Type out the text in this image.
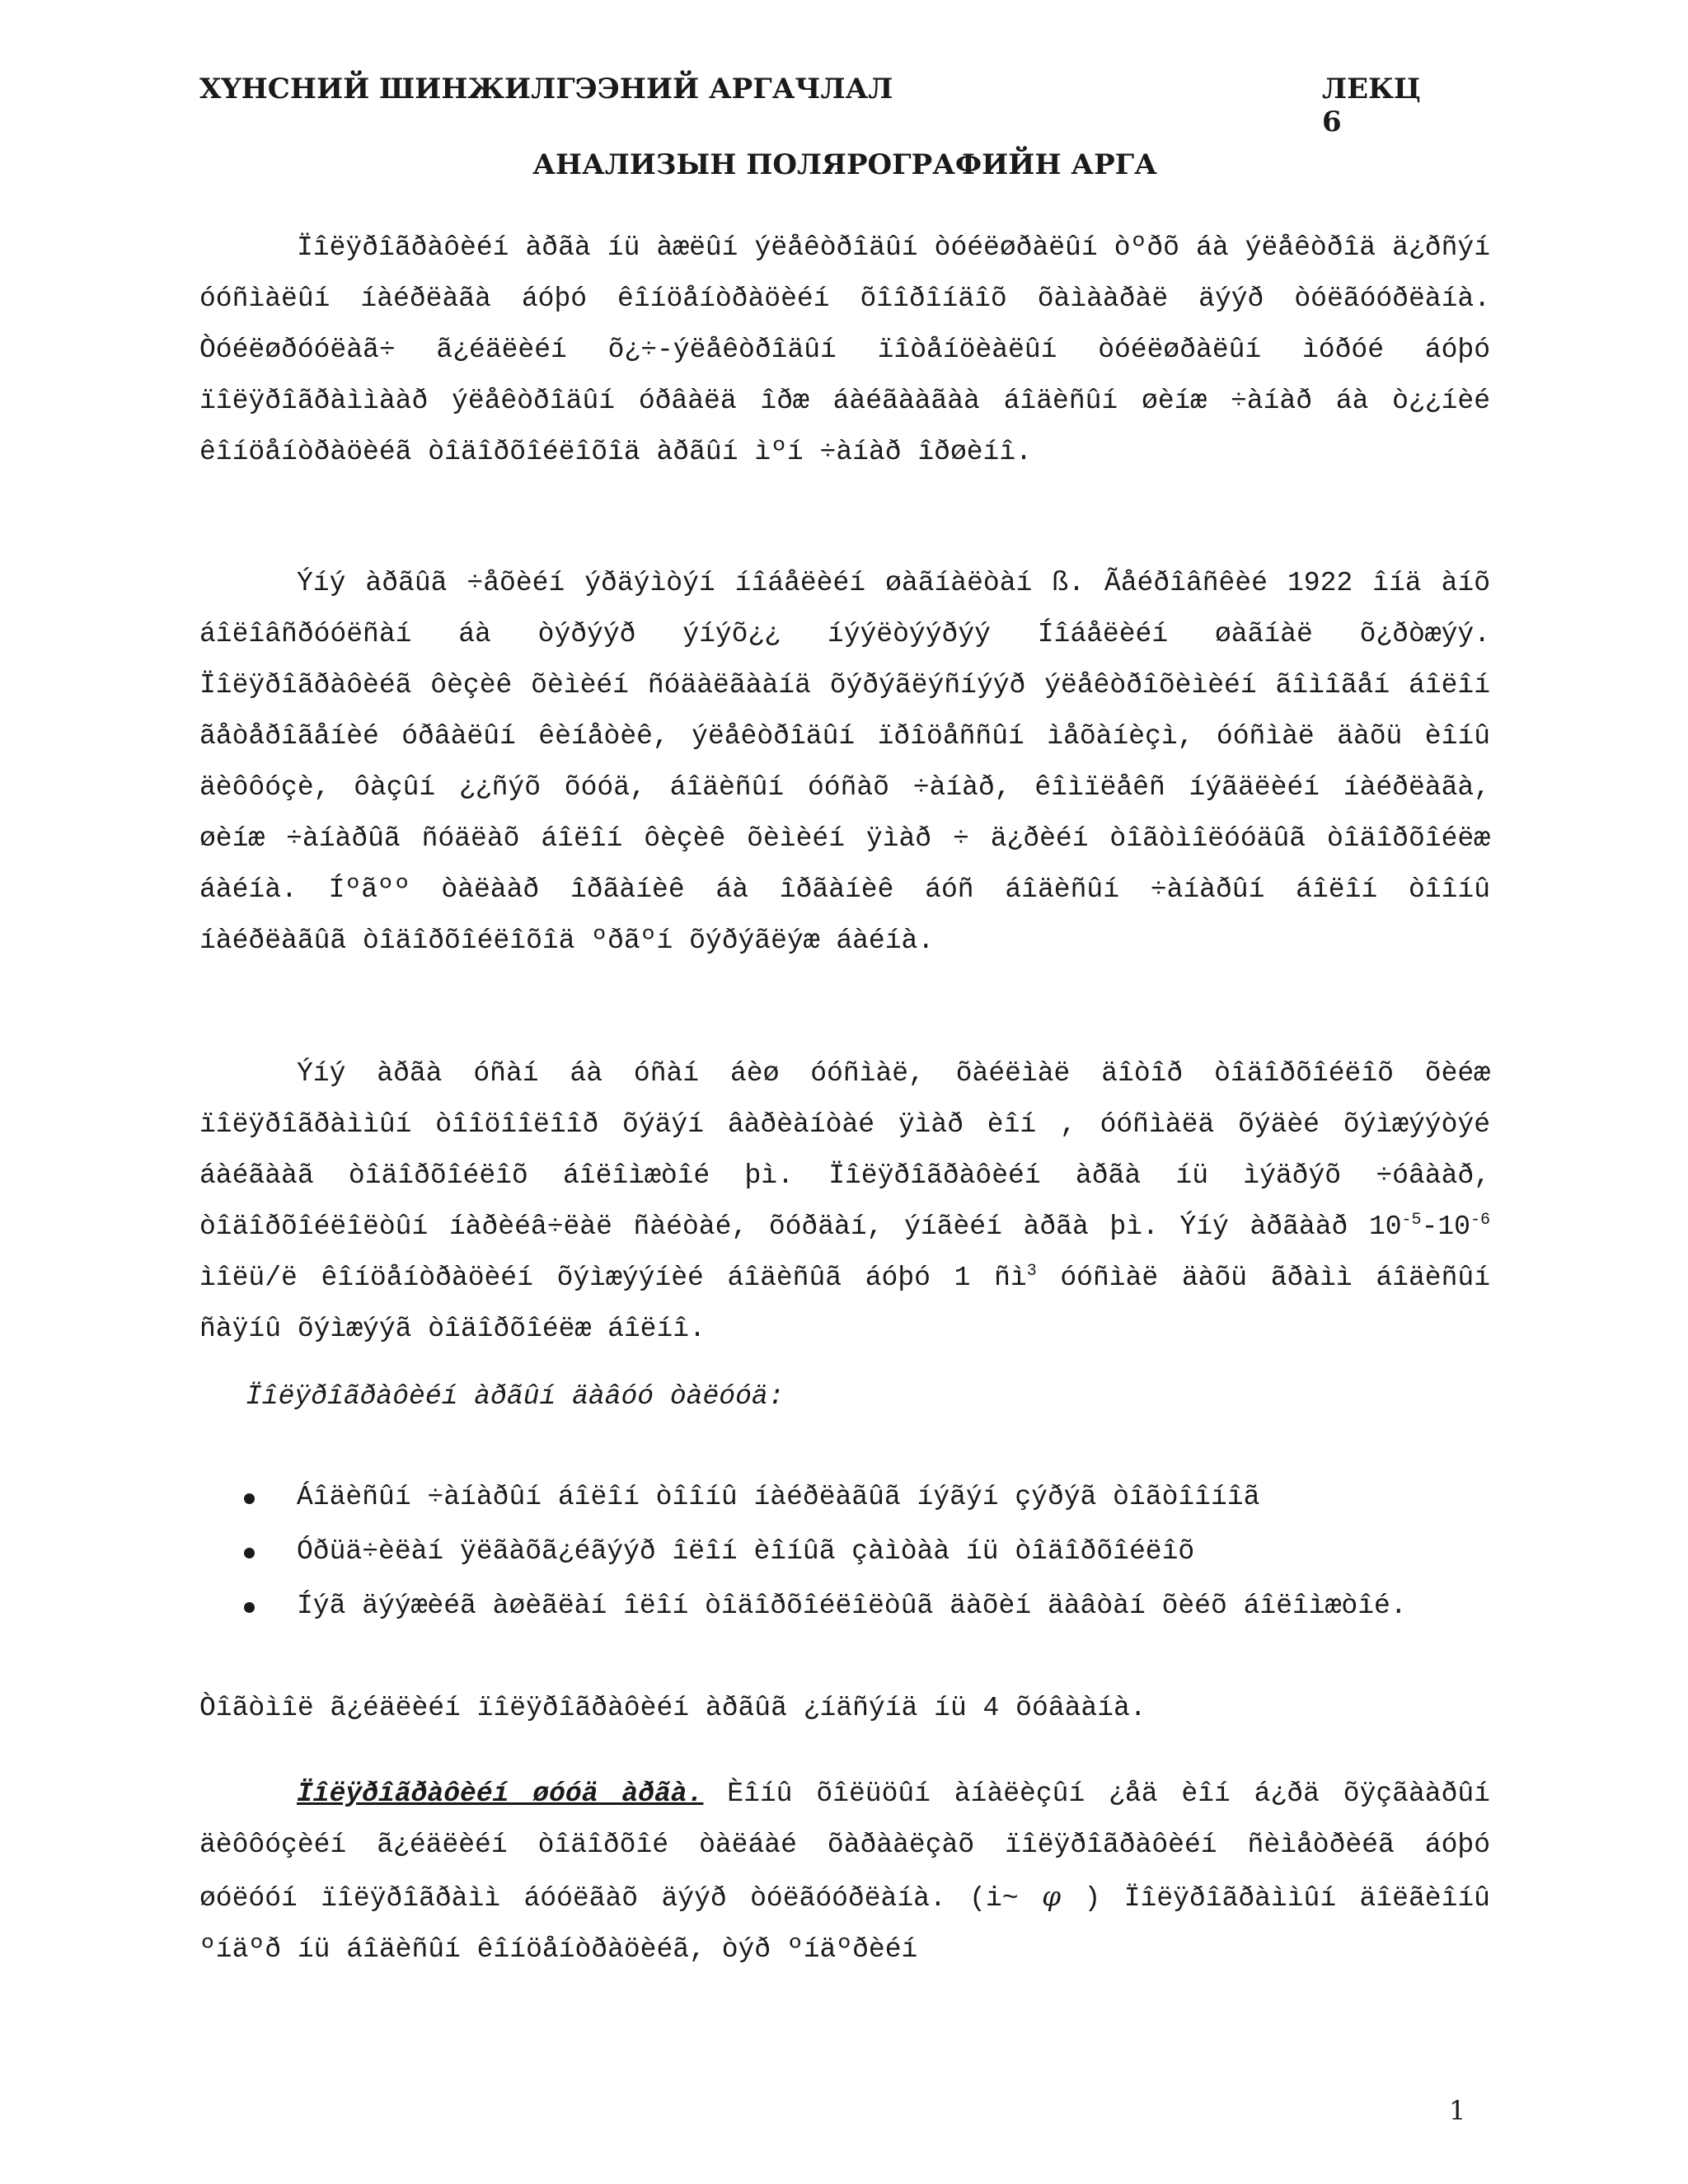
ХҮНСНИЙ ШИНЖИЛГЭЭНИЙ АРГАЧЛАЛ	ЛЕКЦ 6
АНАЛИЗЫН ПОЛЯРОГРАФИЙН АРГА

Ïîëÿðîãðàôèéí àðãà íü àæëûí ýëåêòðîäûí òóéëøðàëûí òºðõ áà ýëåêòðîä ä¿ðñýí óóñìàëûí íàéðëàãà áóþó êîíöåíòðàöèéí õîîðîíäîõ õàìààðàë äýýð òóëãóóðëàíà. Òóéëøðóóëàã÷ ã¿éäëèéí õ¿÷-ýëåêòðîäûí ïîòåíöèàëûí òóéëøðàëûí ìóðóé áóþó ïîëÿðîãðàììààð ýëåêòðîäûí óðâàëä îðæ áàéãààãàà áîäèñûí øèíæ ÷àíàð áà ò¿¿íèé êîíöåíòðàöèéã òîäîðõîéëîõîä àðãûí ìºí ÷àíàð îðøèíî.

Ýíý àðãûã ÷åõèéí ýðäýìòýí íîáåëèéí øàãíàëòàí ß. Ãåéðîâñêèé 1922 îíä àíõ áîëîâñðóóëñàí áà òýðýýð ýíýõ¿¿ íýýëòýýðýý Íîáåëèéí øàãíàë õ¿ðòæýý. Ïîëÿðîãðàôèéã ôèçèê õèìèéí ñóäàëãààíä õýðýãëýñíýýð ýëåêòðîõèìèéí ãîìîãåí áîëîí ãåòåðîãåíèé óðâàëûí êèíåòèê, ýëåêòðîäûí ïðîöåññûí ìåõàíèçì, óóñìàë äàõü èîíû äèôôóçè, ôàçûí ¿¿ñýõ õóóä, áîäèñûí óóñàõ ÷àíàð, êîìïëåêñ íýãäëèéí íàéðëàãà, øèíæ ÷àíàðûã ñóäëàõ áîëîí ôèçèê õèìèéí ÿìàð ÷ ä¿ðèéí òîãòìîëóóäûã òîäîðõîéëæ áàéíà. Íºãºº òàëààð îðãàíèê áà îðãàíèê áóñ áîäèñûí ÷àíàðûí áîëîí òîîíû íàéðëàãûã òîäîðõîéëîõîä ºðãºí õýðýãëýæ áàéíà.

Ýíý àðãà óñàí áà óñàí áèø óóñìàë, õàéëìàë äîòîð òîäîðõîéëîõ õèéæ ïîëÿðîãðàììûí òîîöîîëîîð õýäýí âàðèàíòàé ÿìàð èîí , óóñìàëä õýäèé õýìæýýòýé áàéãààã òîäîðõîéëîõ áîëîìæòîé þì. Ïîëÿðîãðàôèéí àðãà íü ìýäðýõ ÷óâààð, òîäîðõîéëîëòûí íàðèéâ÷ëàë ñàéòàé, õóðäàí, ýíãèéí àðãà þì. Ýíý àðãààð $10^{-5}-10^{-6}$ ìîëü/ë êîíöåíòðàöèéí õýìæýýíèé áîäèñûã áóþó 1 $ñì^3$ óóñìàë äàõü ãðàìì áîäèñûí ñàÿíû õýìæýýã òîäîðõîéëæ áîëíî.

Ïîëÿðîãðàôèéí àðãûí äàâóó òàëóóä:
Áîäèñûí ÷àíàðûí áîëîí òîîíû íàéðëàãûã íýãýí çýðýã òîãòîîíîã
Óðüä÷èëàí ÿëãàõã¿éãýýð îëîí èîíûã çàìòàà íü òîäîðõîéëîõ
Íýã äýýæèéã àøèãëàí îëîí òîäîðõîéëîëòûã äàõèí äàâòàí õèéõ áîëîìæòîé.
Òîãòìîë ã¿éäëèéí ïîëÿðîãðàôèéí àðãûã ¿íäñýíä íü 4 õóâààíà.

Ïîëÿðîãðàôèéí øóóä àðãà. Èîíû õîëüöûí àíàëèçûí ¿åä èîí á¿ðä õÿçãààðûí äèôôóçèéí ã¿éäëèéí òîäîðõîé òàëáàé õàðààëçàõ ïîëÿðîãðàôèéí ñèìåòðèéã áóþó øóëóóí ïîëÿðîãðàìì áóóëãàõ äýýð òóëãóóðëàíà. (i~ φ ) Ïîëÿðîãðàììûí äîëãèîíû ºíäºð íü áîäèñûí êîíöåíòðàöèéã, òýð ºíäºðèéí

1
